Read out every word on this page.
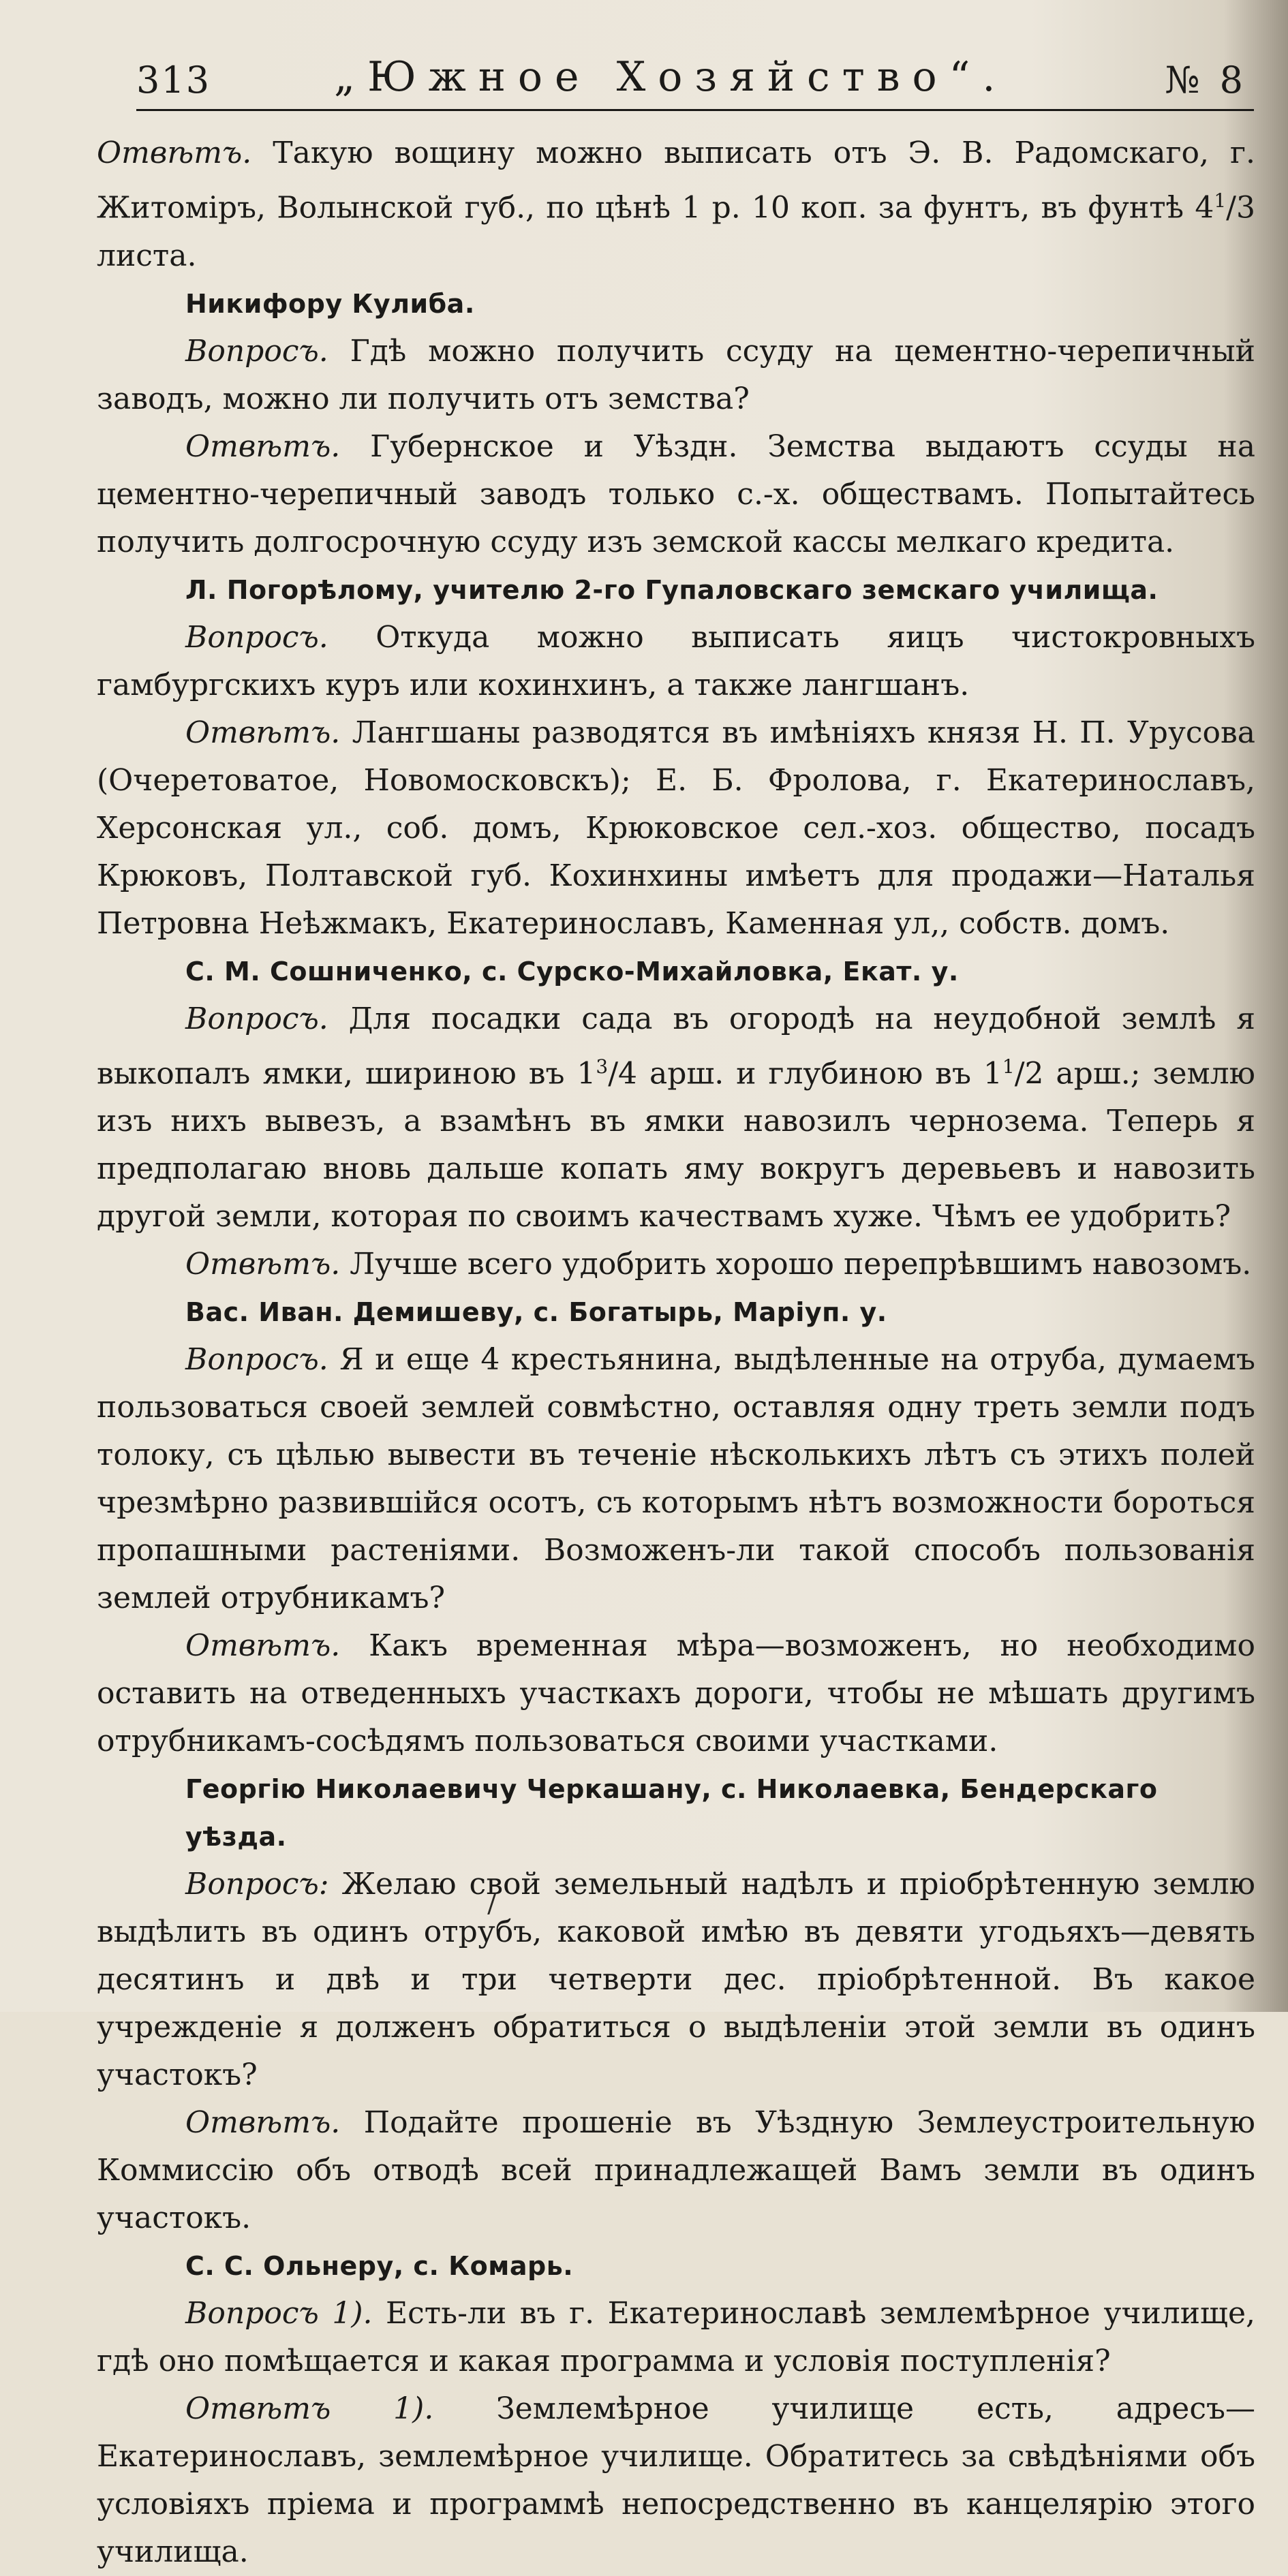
313	„Южное Хозяйство“.	№ 8

Отвѣтъ. Такую вощину можно выписать отъ Э. В. Радомскаго, г. Житоміръ, Волынской губ., по цѣнѣ 1 р. 10 коп. за фунтъ, въ фунтѣ $4^1/3$ листа.

Никифору Кулиба.

Вопросъ. Гдѣ можно получить ссуду на цементно-черепичный заводъ, можно ли получить отъ земства?

Отвѣтъ. Губернское и Уѣздн. Земства выдаютъ ссуды на цементно-черепичный заводъ только с.-х. обществамъ. Попытайтесь получить долгосрочную ссуду изъ земской кассы мелкаго кредита.

Л. Погорѣлому, учителю 2-го Гупаловскаго земскаго училища.

Вопросъ. Откуда можно выписать яицъ чистокровныхъ гамбургскихъ куръ или кохинхинъ, а также лангшанъ.

Отвѣтъ. Лангшаны разводятся въ имѣніяхъ князя Н. П. Урусова (Очеретоватое, Новомосковскъ); Е. Б. Фролова, г. Екатеринославъ, Херсонская ул., соб. домъ, Крюковское сел.-хоз. общество, посадъ Крюковъ, Полтавской губ. Кохинхины имѣетъ для продажи—Наталья Петровна Неѣжмакъ, Екатеринославъ, Каменная ул,, собств. домъ.

С. М. Сошниченко, с. Сурско-Михайловка, Екат. у.

Вопросъ. Для посадки сада въ огородѣ на неудобной землѣ я выкопалъ ямки, шириною въ $1^3/4$ арш. и глубиною въ $1^1/2$ арш.; землю изъ нихъ вывезъ, а взамѣнъ въ ямки навозилъ чернозема. Теперь я предполагаю вновь дальше копать яму вокругъ деревьевъ и навозить другой земли, которая по своимъ качествамъ хуже. Чѣмъ ее удобрить?

Отвѣтъ. Лучше всего удобрить хорошо перепрѣвшимъ навозомъ.

Вас. Иван. Демишеву, с. Богатырь, Маріуп. у.

Вопросъ. Я и еще 4 крестьянина, выдѣленные на отруба, думаемъ пользоваться своей землей совмѣстно, оставляя одну треть земли подъ толоку, съ цѣлью вывести въ теченіе нѣсколькихъ лѣтъ съ этихъ полей чрезмѣрно развившійся осотъ, съ которымъ нѣтъ возможности бороться пропашными растеніями. Возможенъ-ли такой способъ пользованія землей отрубникамъ?

Отвѣтъ. Какъ временная мѣра—возможенъ, но необходимо оставить на отведенныхъ участкахъ дороги, чтобы не мѣшать другимъ отрубникамъ-сосѣдямъ пользоваться своими участками.

Георгію Николаевичу Черкашану, с. Николаевка, Бендерскаго уѣзда.

Вопросъ: Желаю свой земельный надѣлъ и пріобрѣтенную землю выдѣлить въ одинъ отрубъ, каковой имѣю въ девяти угодьяхъ—девять десятинъ и двѣ и три четверти дес. пріобрѣтенной. Въ какое учрежденіе я долженъ обратиться о выдѣленіи этой земли въ одинъ участокъ?

Отвѣтъ. Подайте прошеніе въ Уѣздную Землеустроительную Коммиссію объ отводѣ всей принадлежащей Вамъ земли въ одинъ участокъ.

С. С. Ольнеру, с. Комарь.

Вопросъ 1). Есть-ли въ г. Екатеринославѣ землемѣрное училище, гдѣ оно помѣщается и какая программа и условія поступленія?

Отвѣтъ 1). Землемѣрное училище есть, адресъ—Екатеринославъ, землемѣрное училище. Обратитесь за свѣдѣніями объ условіяхъ пріема и программѣ непосредственно въ канцелярію этого училища.
